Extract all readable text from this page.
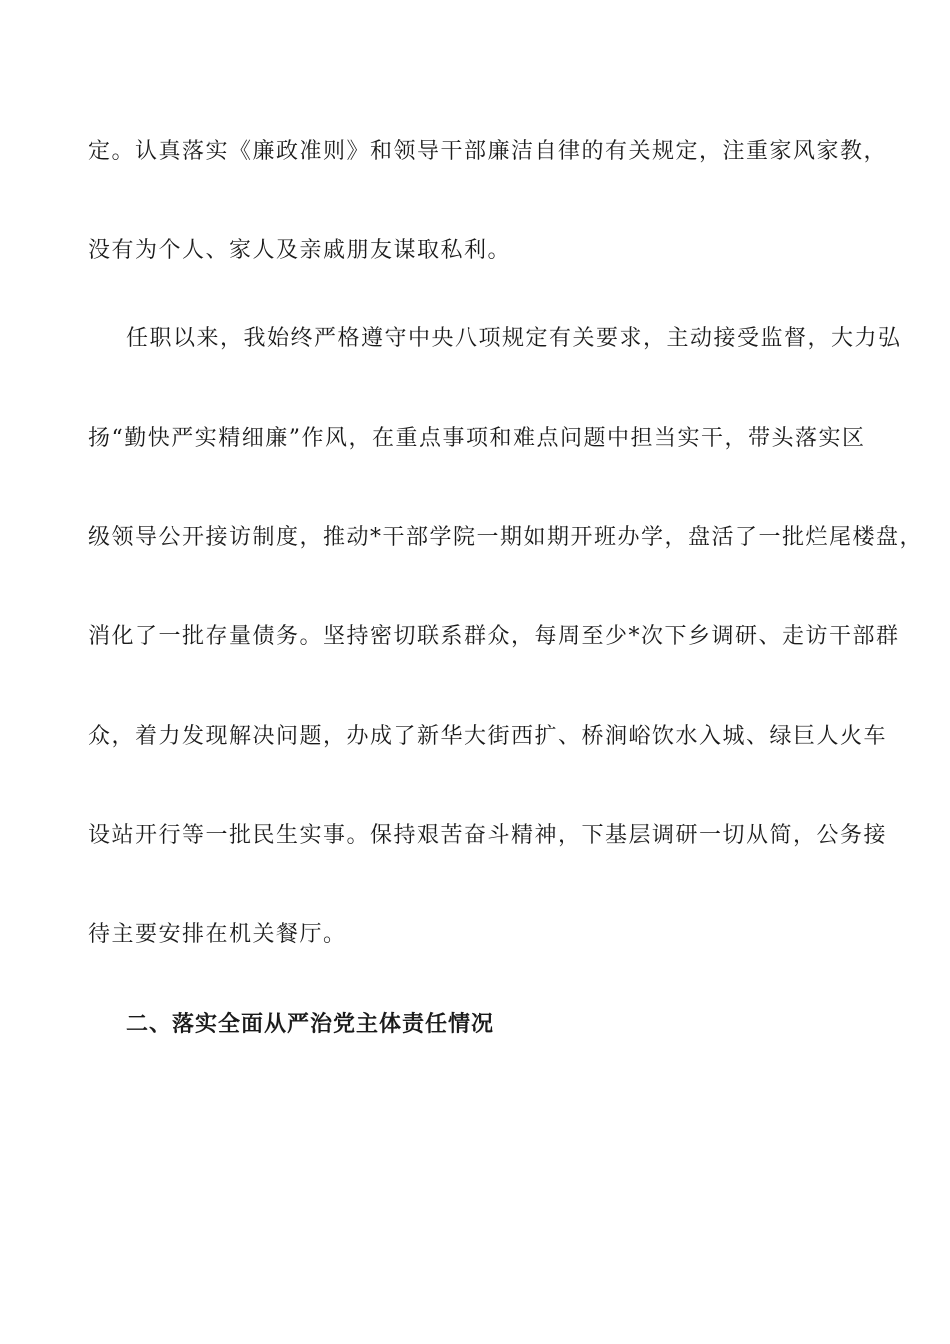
定。认真落实《廉政准则》和领导干部廉洁自律的有关规定，注重家风家教，
没有为个人、家人及亲戚朋友谋取私利。
任职以来，我始终严格遵守中央八项规定有关要求，主动接受监督，大力弘
扬“勤快严实精细廉”作风，在重点事项和难点问题中担当实干，带头落实区
级领导公开接访制度，推动*干部学院一期如期开班办学，盘活了一批烂尾楼盘，
消化了一批存量债务。坚持密切联系群众，每周至少*次下乡调研、走访干部群
众，着力发现解决问题，办成了新华大街西扩、桥涧峪饮水入城、绿巨人火车
设站开行等一批民生实事。保持艰苦奋斗精神，下基层调研一切从简，公务接
待主要安排在机关餐厅。
二、落实全面从严治党主体责任情况
